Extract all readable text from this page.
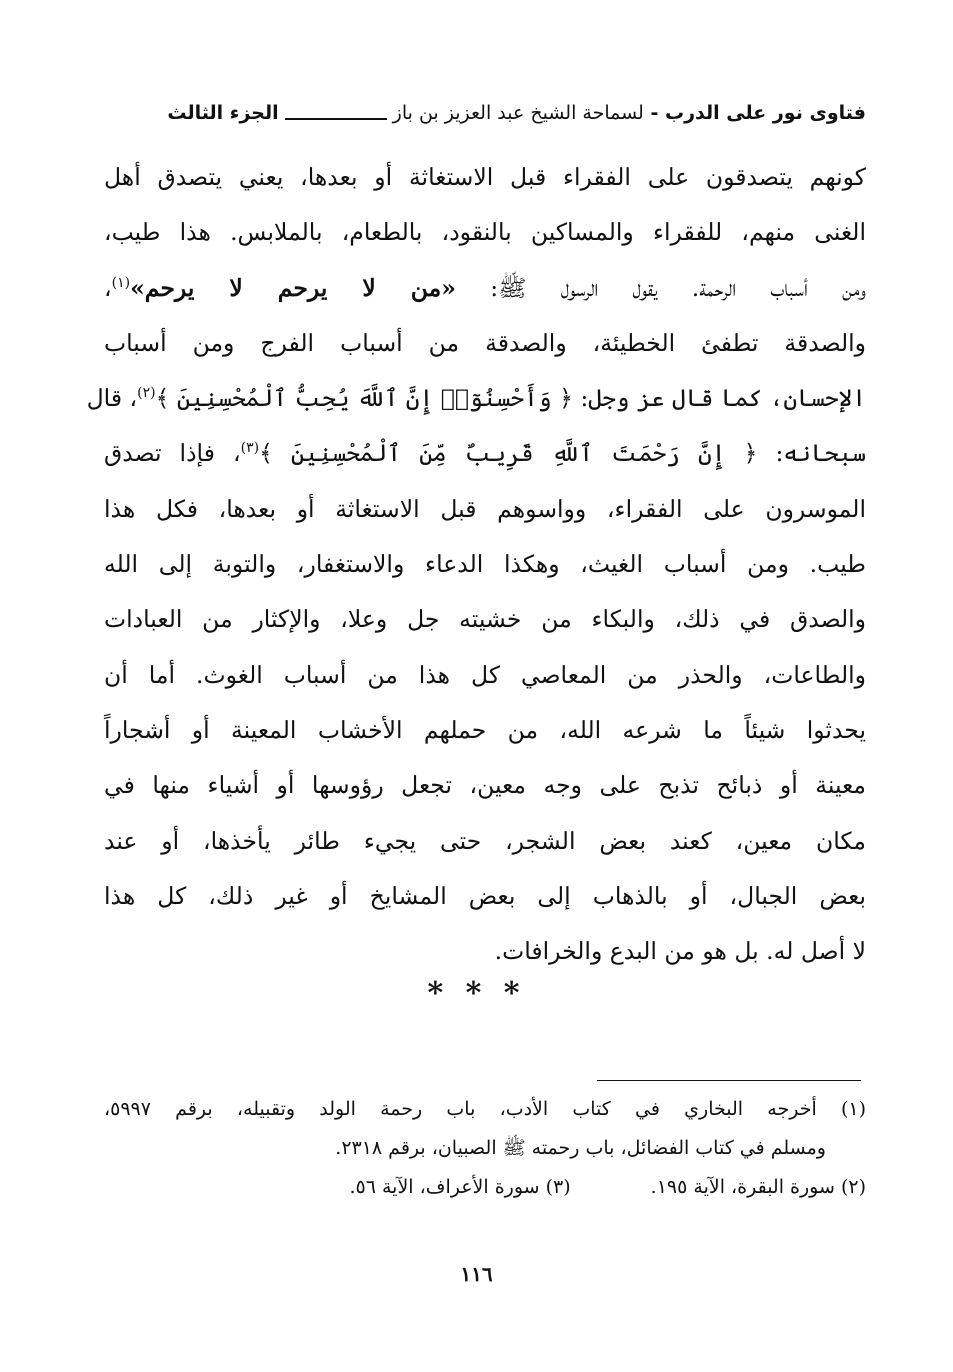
فتاوى نور على الدرب

-

لسماحة الشيخ عبد العزيز بن باز
الجزء الثالث
كونهم يتصدقون على الفقراء قبل الاستغاثة أو بعدها، يعني يتصدق أهل
الغنى منهم، للفقراء والمساكين بالنقود، بالطعام، بالملابس. هذا طيب،
ومن أسباب الرحمة. يقول الرسول ﷺ: «من لا يرحم لا يرحم»$^{(١)}$،
والصدقة تطفئ الخطيئة، والصدقة من أسباب الفرج ومن أسباب
الإحسان، كما قال عز وجل: ﴿ وَأَحْسِنُوٓا۟ إِنَّ ٱللَّهَ يُحِبُّ ٱلْمُحْسِنِينَ ﴾$^{(٢)}$، قال
سبحانه: ﴿ إِنَّ رَحْمَتَ ٱللَّهِ قَرِيبٌ مِّنَ ٱلْمُحْسِنِينَ ﴾$^{(٣)}$، فإذا تصدق
الموسرون على الفقراء، وواسوهم قبل الاستغاثة أو بعدها، فكل هذا
طيب. ومن أسباب الغيث، وهكذا الدعاء والاستغفار، والتوبة إلى الله
والصدق في ذلك، والبكاء من خشيته جل وعلا، والإكثار من العبادات
والطاعات، والحذر من المعاصي كل هذا من أسباب الغوث. أما أن
يحدثوا شيئاً ما شرعه الله، من حملهم الأخشاب المعينة أو أشجاراً
معينة أو ذبائح تذبح على وجه معين، تجعل رؤوسها أو أشياء منها في
مكان معين، كعند بعض الشجر، حتى يجيء طائر يأخذها، أو عند
بعض الجبال، أو بالذهاب إلى بعض المشايخ أو غير ذلك، كل هذا
لا أصل له. بل هو من البدع والخرافات.
* * *
(١) أخرجه البخاري في كتاب الأدب، باب رحمة الولد وتقبيله، برقم ٥٩٩٧،
ومسلم في كتاب الفضائل، باب رحمته ﷺ الصبيان، برقم ٢٣١٨.
(٢) سورة البقرة، الآية ١٩٥.(٣) سورة الأعراف، الآية ٥٦.
١١٦
